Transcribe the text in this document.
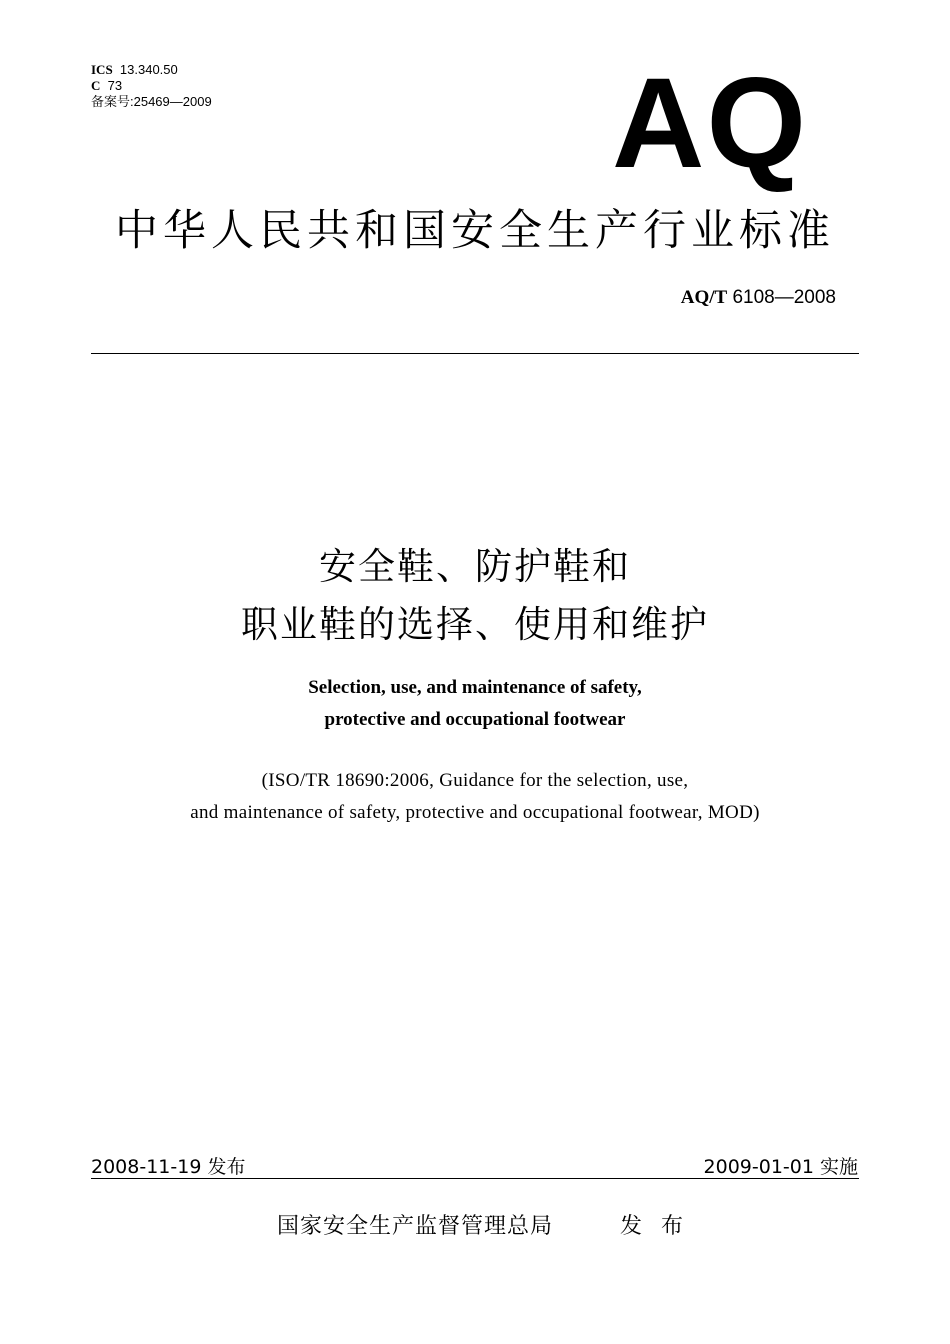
ICS 13.340.50
C 73
备案号:25469—2009	AQ
中华人民共和国安全生产行业标准
AQ/T 6108—2008
安全鞋、防护鞋和
职业鞋的选择、使用和维护
Selection, use, and maintenance of safety,
protective and occupational footwear
(ISO/TR 18690:2006, Guidance for the selection, use,
and maintenance of safety, protective and occupational footwear, MOD)
2008-11-19 发布	2009-01-01 实施
国家安全生产监督管理总局	发 布
